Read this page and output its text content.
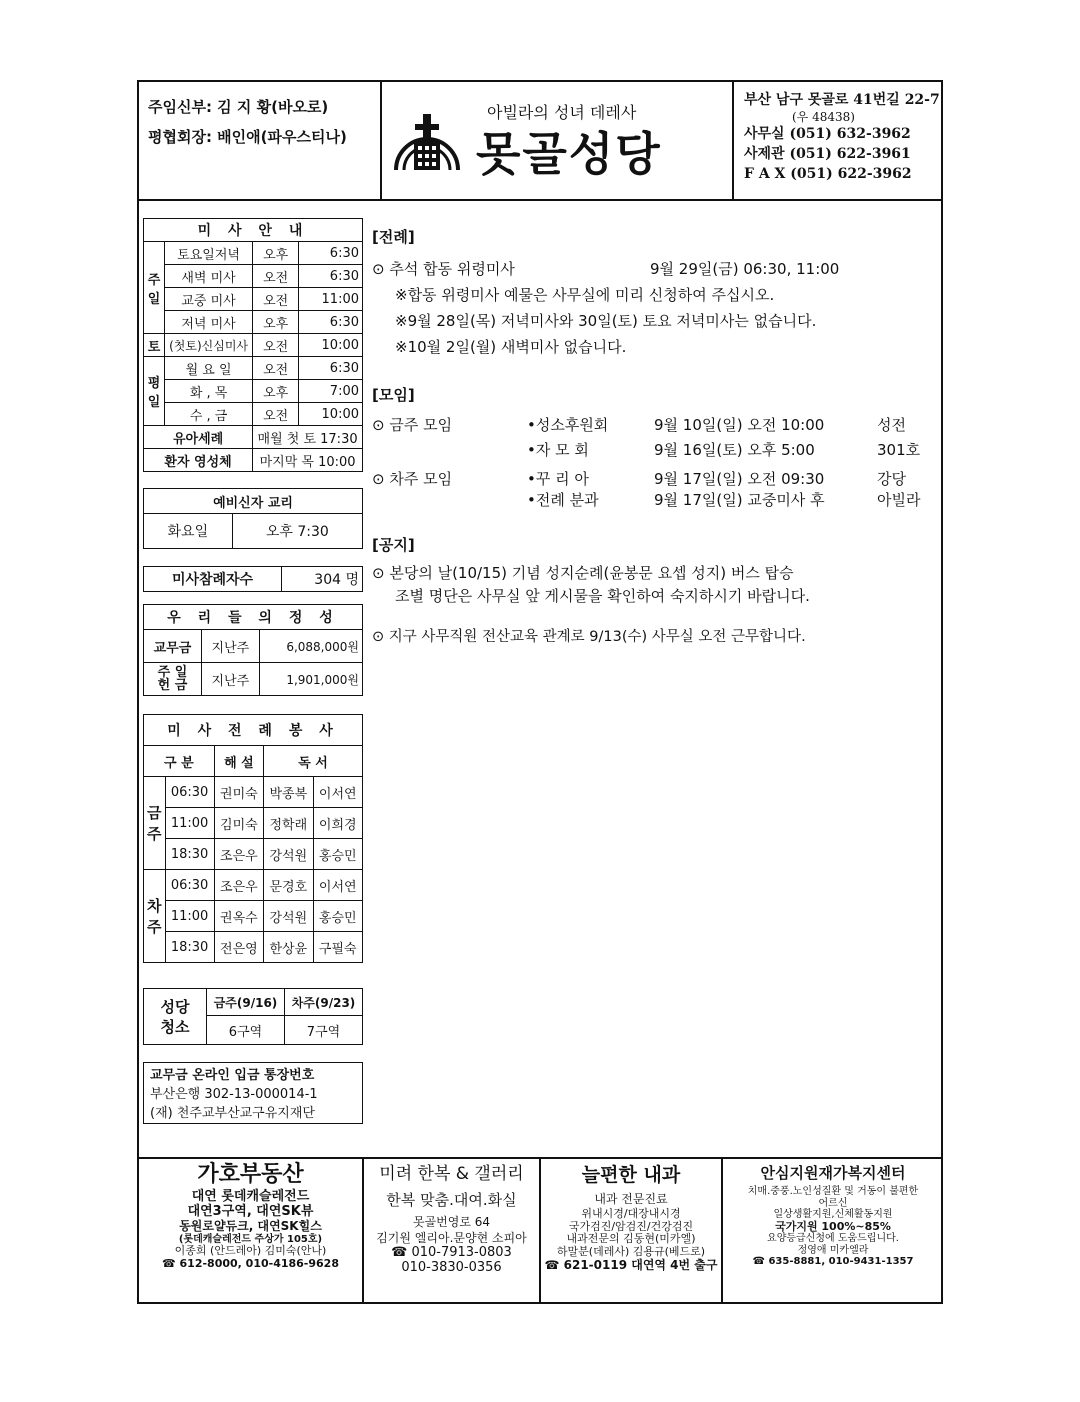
주임신부: 김 지 황(바오로)
평협회장: 배인애(파우스티나)
아빌라의 성녀 데레사
못골성당
부산 남구 못골로 41번길 22-7
(우 48438)
사무실 (051) 632-3962
사제관 (051) 622-3961
F A X (051) 622-3962
미 사 안 내			
주일	토요일저녁	오후	6:30
	새벽 미사	오전	6:30
	교중 미사	오전	11:00
	저녁 미사	오후	6:30
토	(첫토)신심미사	오전	10:00
평일	월 요 일	오전	6:30
	화 , 목	오후	7:00
	수 , 금	오전	10:00
유아세례		매월 첫 토 17:30	
환자 영성체		마지막 목 10:00	
예비신자 교리
화요일	오후 7:30
미사참례자수	304 명
우 리 들 의 정 성		
교무금	지난주	6,088,000원
주 일
헌 금	지난주	1,901,000원
미 사 전 례 봉 사				
구 분		해 설	독 서	
금주	06:30	권미숙	박종복	이서연
	11:00	김미숙	정학래	이희경
	18:30	조은우	강석원	홍승민
차주	06:30	조은우	문경호	이서연
	11:00	권옥수	강석원	홍승민
	18:30	전은영	한상윤	구필숙
성당
청소	금주(9/16)	차주(9/23)
	6구역	7구역
교무금 온라인 입금 통장번호
부산은행 302-13-000014-1
(재) 천주교부산교구유지재단
[전례]
⊙ 추석 합동 위령미사	9월 29일(금) 06:30, 11:00
※합동 위령미사 예물은 사무실에 미리 신청하여 주십시오.
※9월 28일(목) 저녁미사와 30일(토) 토요 저녁미사는 없습니다.
※10월 2일(월) 새벽미사 없습니다.
[모임]
⊙ 금주 모임	•성소후원회	9월 10일(일) 오전 10:00	성전
•자 모 회	9월 16일(토) 오후 5:00	301호
⊙ 차주 모임	•꾸 리 아	9월 17일(일) 오전 09:30	강당
•전례 분과	9월 17일(일) 교중미사 후	아빌라
[공지]
⊙ 본당의 날(10/15) 기념 성지순례(윤봉문 요셉 성지) 버스 탑승
조별 명단은 사무실 앞 게시물을 확인하여 숙지하시기 바랍니다.
⊙ 지구 사무직원 전산교육 관계로 9/13(수) 사무실 오전 근무합니다.
가호부동산
대연 롯데캐슬레전드
대연3구역, 대연SK뷰
동원로얄듀크, 대연SK힐스
(롯데캐슬레전드 주상가 105호)
이종희 (안드레아) 김미숙(안나)
☎ 612-8000, 010-4186-9628
미려 한복 & 갤러리
한복 맞춤.대여.화실
못골번영로 64
김기원 엘리아.문양현 소피아
☎ 010-7913-0803
010-3830-0356
늘편한 내과
내과 전문진료
위내시경/대장내시경
국가검진/암검진/건강검진
내과전문의 김동현(미카엘)
하말분(데레사) 김용규(베드로)
☎ 621-0119 대연역 4번 출구
안심지원재가복지센터
치매.중풍.노인성질환 및 거동이 불편한
어르신
일상생활지원,신체활동지원
국가지원 100%~85%
요양등급신청에 도움드립니다.
정영애 미카엘라
☎ 635-8881, 010-9431-1357
